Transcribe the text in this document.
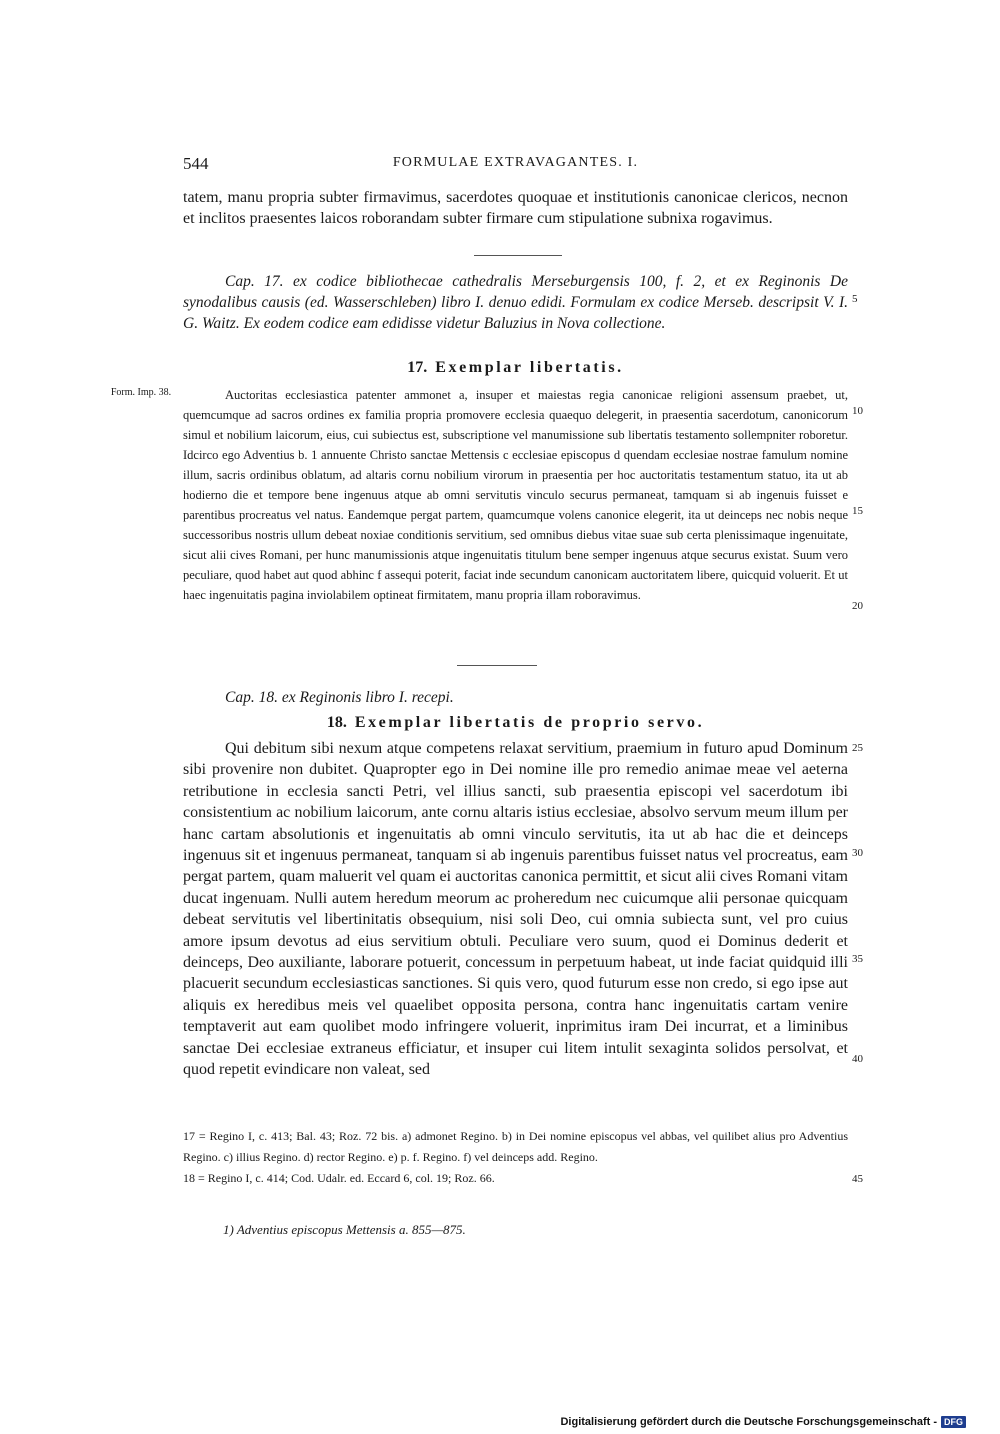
544	FORMULAE EXTRAVAGANTES. I.

tatem, manu propria subter firmavimus, sacerdotes quoquae et institutionis canonicae clericos, necnon et inclitos praesentes laicos roborandam subter firmare cum stipulatione subnixa rogavimus.

Cap. 17. ex codice bibliothecae cathedralis Merseburgensis 100, f. 2, et ex Reginonis De synodalibus causis (ed. Wasserschleben) libro I. denuo edidi. Formulam ex codice Merseb. descripsit V. I. G. Waitz. Ex eodem codice eam edidisse videtur Baluzius in Nova collectione.

17. Exemplar libertatis.
Form. Imp. 38.	Auctoritas ecclesiastica patenter ammonet a, insuper et maiestas regia canonicae religioni assensum praebet, ut, quemcumque ad sacros ordines ex familia propria promovere ecclesia quaequo delegerit, in praesentia sacerdotum, canonicorum simul et nobilium laicorum, eius, cui subiectus est, subscriptione vel manumissione sub libertatis testamento sollempniter roboretur. Idcirco ego Adventius b. 1 annuente Christo sanctae Mettensis c ecclesiae episcopus d quendam ecclesiae nostrae famulum nomine illum, sacris ordinibus oblatum, ad altaris cornu nobilium virorum in praesentia per hoc auctoritatis testamentum statuo, ita ut ab hodierno die et tempore bene ingenuus atque ab omni servitutis vinculo securus permaneat, tamquam si ab ingenuis fuisset e parentibus procreatus vel natus. Eandemque pergat partem, quamcumque volens canonice elegerit, ita ut deinceps nec nobis neque successoribus nostris ullum debeat noxiae conditionis servitium, sed omnibus diebus vitae suae sub certa plenissimaque ingenuitate, sicut alii cives Romani, per hunc manumissionis atque ingenuitatis titulum bene semper ingenuus atque securus existat. Suum vero peculiare, quod habet aut quod abhinc f assequi poterit, faciat inde secundum canonicam auctoritatem libere, quicquid voluerit. Et ut haec ingenuitatis pagina inviolabilem optineat firmitatem, manu propria illam roboravimus.

Cap. 18. ex Reginonis libro I. recepi.

18. Exemplar libertatis de proprio servo.

Qui debitum sibi nexum atque competens relaxat servitium, praemium in futuro apud Dominum sibi provenire non dubitet. Quapropter ego in Dei nomine ille pro remedio animae meae vel aeterna retributione in ecclesia sancti Petri, vel illius sancti, sub praesentia episcopi vel sacerdotum ibi consistentium ac nobilium laicorum, ante cornu altaris istius ecclesiae, absolvo servum meum illum per hanc cartam absolutionis et ingenuitatis ab omni vinculo servitutis, ita ut ab hac die et deinceps ingenuus sit et ingenuus permaneat, tanquam si ab ingenuis parentibus fuisset natus vel procreatus, eam pergat partem, quam maluerit vel quam ei auctoritas canonica permittit, et sicut alii cives Romani vitam ducat ingenuam. Nulli autem heredum meorum ac proheredum nec cuicumque alii personae quicquam debeat servitutis vel libertinitatis obsequium, nisi soli Deo, cui omnia subiecta sunt, vel pro cuius amore ipsum devotus ad eius servitium obtuli. Peculiare vero suum, quod ei Dominus dederit et deinceps, Deo auxiliante, laborare potuerit, concessum in perpetuum habeat, ut inde faciat quidquid illi placuerit secundum ecclesiasticas sanctiones. Si quis vero, quod futurum esse non credo, si ego ipse aut aliquis ex heredibus meis vel quaelibet opposita persona, contra hanc ingenuitatis cartam venire temptaverit aut eam quolibet modo infringere voluerit, inprimitus iram Dei incurrat, et a liminibus sanctae Dei ecclesiae extraneus efficiatur, et insuper cui litem intulit sexaginta solidos persolvat, et quod repetit evindicare non valeat, sed

17 = Regino I, c. 413; Bal. 43; Roz. 72 bis. a) admonet Regino. b) in Dei nomine episcopus vel abbas, vel quilibet alius pro Adventius Regino. c) illius Regino. d) rector Regino. e) p. f. Regino. f) vel deinceps add. Regino.

18 = Regino I, c. 414; Cod. Udalr. ed. Eccard 6, col. 19; Roz. 66.

1) Adventius episcopus Mettensis a. 855—875.
5
10
15
20
25
30
35
40
45
Digitalisierung gefördert durch die Deutsche Forschungsgemeinschaft - DFG
